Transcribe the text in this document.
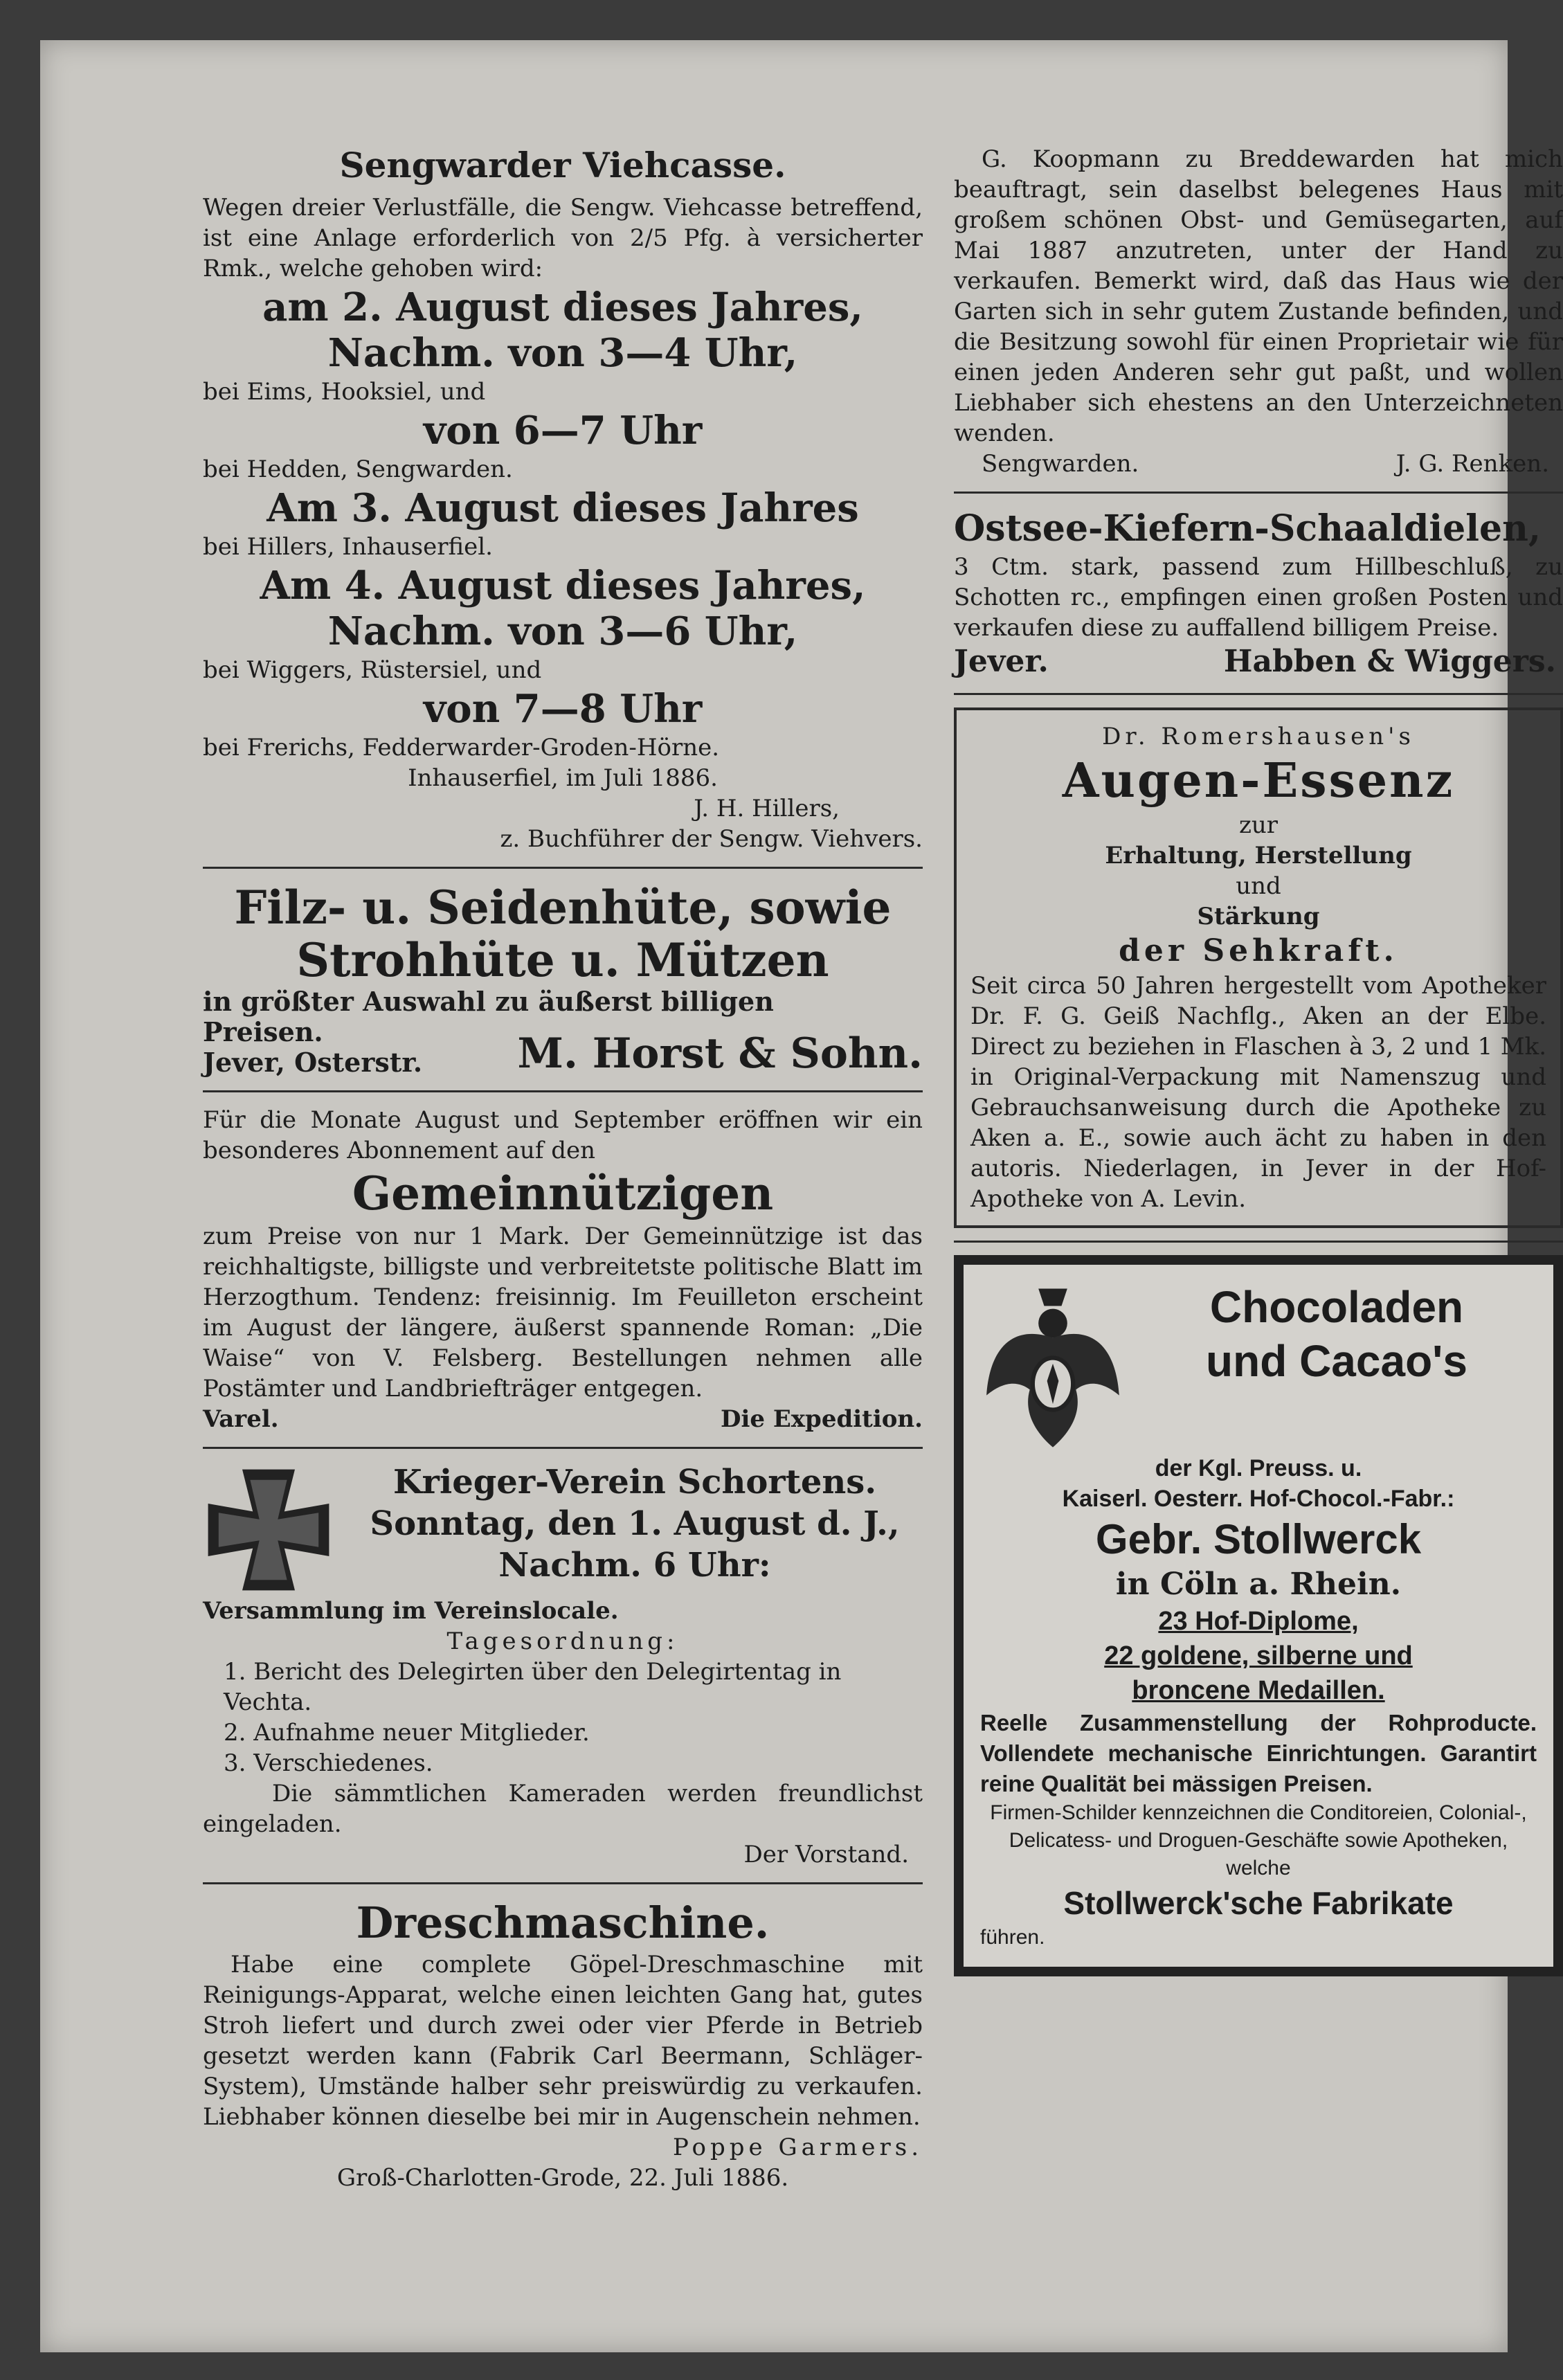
Sengwarder Viehcasse.

Wegen dreier Verlustfälle, die Sengw. Viehcasse betreffend, ist eine Anlage erforderlich von 2/5 Pfg. à versicherter Rmk., welche gehoben wird:

am 2. August dieses Jahres,

Nachm. von 3—4 Uhr,

bei Eims, Hooksiel, und

von 6—7 Uhr

bei Hedden, Sengwarden.

Am 3. August dieses Jahres

bei Hillers, Inhauserfiel.

Am 4. August dieses Jahres,

Nachm. von 3—6 Uhr,

bei Wiggers, Rüstersiel, und

von 7—8 Uhr

bei Frerichs, Fedderwarder-Groden-Hörne.

Inhauserfiel, im Juli 1886.

J. H. Hillers,

z. Buchführer der Sengw. Viehvers.

Filz- u. Seidenhüte, sowie

Strohhüte u. Mützen

in größter Auswahl zu äußerst billigen

Preisen.

Jever, Osterstr. M. Horst & Sohn.

Für die Monate August und September eröffnen wir ein besonderes Abonnement auf den

Gemeinnützigen

zum Preise von nur 1 Mark. Der Gemeinnützige ist das reichhaltigste, billigste und verbreitetste politische Blatt im Herzogthum. Tendenz: freisinnig. Im Feuilleton erscheint im August der längere, äußerst spannende Roman: „Die Waise“ von V. Felsberg. Bestellungen nehmen alle Postämter und Landbriefträger entgegen.

Varel.	Die Expedition.

Krieger-Verein Schortens.

Sonntag, den 1. August d. J.,

Nachm. 6 Uhr:

Versammlung im Vereinslocale.

Tagesordnung:

1. Bericht des Delegirten über den Delegirtentag in Vechta.
2. Aufnahme neuer Mitglieder.
3. Verschiedenes.

Die sämmtlichen Kameraden werden freundlichst eingeladen.

Der Vorstand.

Dreschmaschine.

Habe eine complete Göpel-Dreschmaschine mit Reinigungs-Apparat, welche einen leichten Gang hat, gutes Stroh liefert und durch zwei oder vier Pferde in Betrieb gesetzt werden kann (Fabrik Carl Beermann, Schläger-System), Umstände halber sehr preiswürdig zu verkaufen. Liebhaber können dieselbe bei mir in Augenschein nehmen.

Poppe Garmers.

Groß-Charlotten-Grode, 22. Juli 1886.

G. Koopmann zu Breddewarden hat mich beauftragt, sein daselbst belegenes Haus mit großem schönen Obst- und Gemüsegarten, auf Mai 1887 anzutreten, unter der Hand zu verkaufen. Bemerkt wird, daß das Haus wie der Garten sich in sehr gutem Zustande befinden, und die Besitzung sowohl für einen Proprietair wie für einen jeden Anderen sehr gut paßt, und wollen Liebhaber sich ehestens an den Unterzeichneten wenden.

Sengwarden.	J. G. Renken.

Ostsee-Kiefern-Schaaldielen,

3 Ctm. stark, passend zum Hillbeschluß, zu Schotten rc., empfingen einen großen Posten und verkaufen diese zu auffallend billigem Preise.

Jever.	Habben & Wiggers.

Dr. Romershausen's

Augen-Essenz

zur

Erhaltung, Herstellung

und

Stärkung

der Sehkraft.

Seit circa 50 Jahren hergestellt vom Apotheker Dr. F. G. Geiß Nachflg., Aken an der Elbe. Direct zu beziehen in Flaschen à 3, 2 und 1 Mk. in Original-Verpackung mit Namenszug und Gebrauchsanweisung durch die Apotheke zu Aken a. E., sowie auch ächt zu haben in den autoris. Niederlagen, in Jever in der Hof-Apotheke von A. Levin.

Chocoladen

und Cacao's

der Kgl. Preuss. u.

Kaiserl. Oesterr. Hof-Chocol.-Fabr.:

Gebr. Stollwerck

in Cöln a. Rhein.

23 Hof-Diplome,

22 goldene, silberne und

broncene Medaillen.

Reelle Zusammenstellung der Rohproducte. Vollendete mechanische Einrichtungen. Garantirt reine Qualität bei mässigen Preisen.

Firmen-Schilder kennzeichnen die Conditoreien, Colonial-, Delicatess- und Droguen-Geschäfte sowie Apotheken, welche

Stollwerck'sche Fabrikate

führen.
